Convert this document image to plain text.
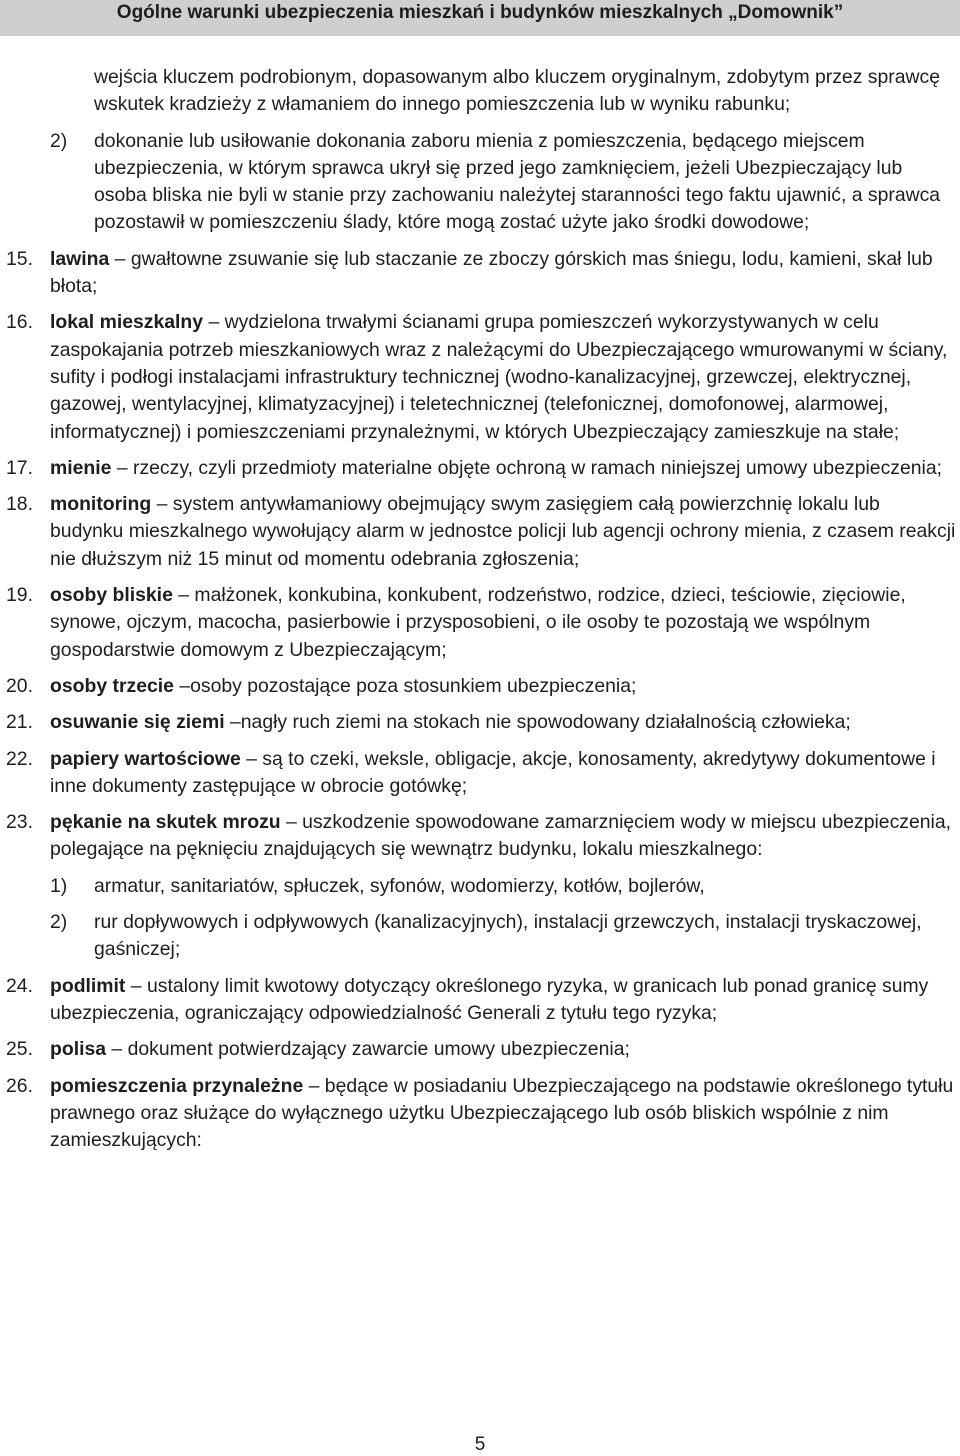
Ogólne warunki ubezpieczenia mieszkań i budynków mieszkalnych „Domownik”
wejścia kluczem podrobionym, dopasowanym albo kluczem oryginalnym, zdobytym przez sprawcę wskutek kradzieży z włamaniem do innego pomieszczenia lub w wyniku rabunku;
2)	dokonanie lub usiłowanie dokonania zaboru mienia z pomieszczenia, będącego miejscem ubezpieczenia, w którym sprawca ukrył się przed jego zamknięciem, jeżeli Ubezpieczający lub osoba bliska nie byli w stanie przy zachowaniu należytej staranności tego faktu ujawnić, a sprawca pozostawił w pomieszczeniu ślady, które mogą zostać użyte jako środki dowodowe;
15. lawina – gwałtowne zsuwanie się lub staczanie ze zboczy górskich mas śniegu, lodu, kamieni, skał lub błota;
16. lokal mieszkalny – wydzielona trwałymi ścianami grupa pomieszczeń wykorzystywanych w celu zaspokajania potrzeb mieszkaniowych wraz z należącymi do Ubezpieczającego wmurowanymi w ściany, sufity i podłogi instalacjami infrastruktury technicznej (wodno-kanalizacyjnej, grzewczej, elektrycznej, gazowej, wentylacyjnej, klimatyzacyjnej) i teletechnicznej (telefonicznej, domofonowej, alarmowej, informatycznej) i pomieszczeniami przynależnymi, w których Ubezpieczający zamieszkuje na stałe;
17. mienie – rzeczy, czyli przedmioty materialne objęte ochroną w ramach niniejszej umowy ubezpieczenia;
18. monitoring – system antywłamaniowy obejmujący swym zasięgiem całą powierzchnię lokalu lub budynku mieszkalnego wywołujący alarm w jednostce policji lub agencji ochrony mienia, z czasem reakcji nie dłuższym niż 15 minut od momentu odebrania zgłoszenia;
19. osoby bliskie – małżonek, konkubina, konkubent, rodzeństwo, rodzice, dzieci, teściowie, zięciowie, synowe, ojczym, macocha, pasierbowie i przysposobieni, o ile osoby te pozostają we wspólnym gospodarstwie domowym z Ubezpieczającym;
20. osoby trzecie –osoby pozostające poza stosunkiem ubezpieczenia;
21. osuwanie się ziemi –nagły ruch ziemi na stokach nie spowodowany działalnością człowieka;
22. papiery wartościowe – są to czeki, weksle, obligacje, akcje, konosamenty, akredytywy dokumentowe i inne dokumenty zastępujące w obrocie gotówkę;
23. pękanie na skutek mrozu – uszkodzenie spowodowane zamarznięciem wody w miejscu ubezpieczenia, polegające na pęknięciu znajdujących się wewnątrz budynku, lokalu mieszkalnego:
1)	armatur, sanitariatów, spłuczek, syfonów, wodomierzy, kotłów, bojlerów,
2)	rur dopływowych i odpływowych (kanalizacyjnych), instalacji grzewczych, instalacji tryskaczowej, gaśniczej;
24. podlimit – ustalony limit kwotowy dotyczący określonego ryzyka, w granicach lub ponad granicę sumy ubezpieczenia, ograniczający odpowiedzialność Generali z tytułu tego ryzyka;
25. polisa – dokument potwierdzający zawarcie umowy ubezpieczenia;
26. pomieszczenia przynależne – będące w posiadaniu Ubezpieczającego na podstawie określonego tytułu prawnego oraz służące do wyłącznego użytku Ubezpieczającego lub osób bliskich wspólnie z nim zamieszkujących:
5
